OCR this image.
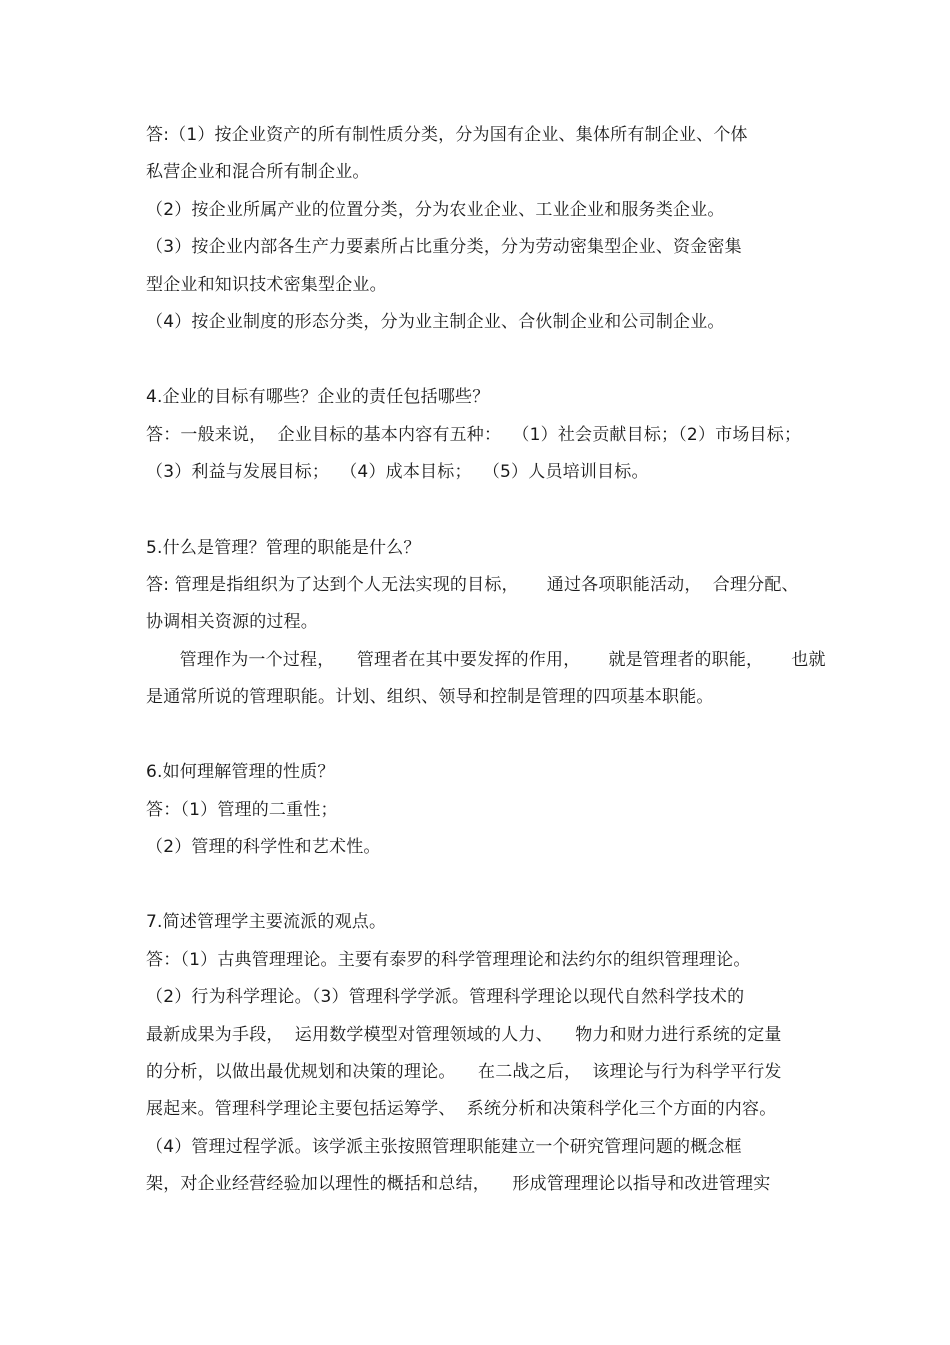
答:（1）按企业资产的所有制性质分类，分为国有企业、集体所有制企业、个体
私营企业和混合所有制企业。
（2）按企业所属产业的位置分类，分为农业企业、工业企业和服务类企业。
（3）按企业内部各生产力要素所占比重分类，分为劳动密集型企业、资金密集
型企业和知识技术密集型企业。
（4）按企业制度的形态分类，分为业主制企业、合伙制企业和公司制企业。
4.企业的目标有哪些？企业的责任包括哪些？
答：一般来说，  企业目标的基本内容有五种：  （1）社会贡献目标；（2）市场目标；
（3）利益与发展目标；  （4）成本目标；  （5）人员培训目标。
5.什么是管理？管理的职能是什么？
答: 管理是指组织为了达到个人无法实现的目标，     通过各项职能活动，  合理分配、
协调相关资源的过程。
管理作为一个过程，    管理者在其中要发挥的作用，     就是管理者的职能，     也就
是通常所说的管理职能。计划、组织、领导和控制是管理的四项基本职能。
6.如何理解管理的性质？
答：（1）管理的二重性；
（2）管理的科学性和艺术性。
7.简述管理学主要流派的观点。
答：（1）古典管理理论。主要有泰罗的科学管理理论和法约尔的组织管理理论。
（2）行为科学理论。（3）管理科学学派。管理科学理论以现代自然科学技术的
最新成果为手段，  运用数学模型对管理领域的人力、    物力和财力进行系统的定量
的分析，以做出最优规划和决策的理论。    在二战之后，  该理论与行为科学平行发
展起来。管理科学理论主要包括运筹学、  系统分析和决策科学化三个方面的内容。
（4）管理过程学派。该学派主张按照管理职能建立一个研究管理问题的概念框
架，对企业经营经验加以理性的概括和总结，    形成管理理论以指导和改进管理实
